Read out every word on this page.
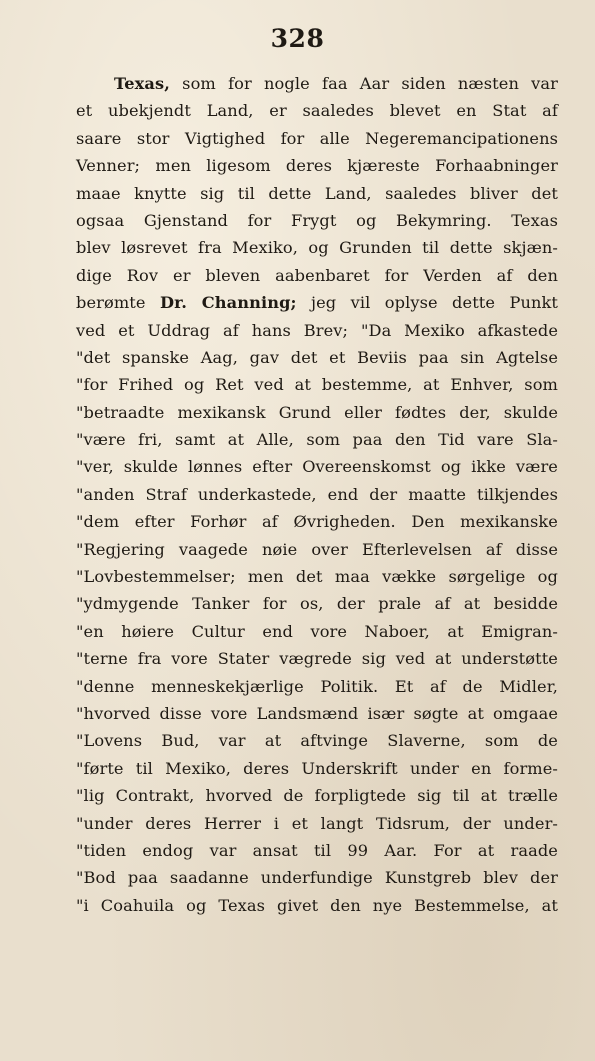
328
Texas, som for nogle faa Aar siden næsten var
et ubekjendt Land, er saaledes blevet en Stat af
saare stor Vigtighed for alle Negeremancipationens
Venner; men ligesom deres kjæreste Forhaabninger
maae knytte sig til dette Land, saaledes bliver det
ogsaa Gjenstand for Frygt og Bekymring. Texas
blev løsrevet fra Mexiko, og Grunden til dette skjæn-
dige Rov er bleven aabenbaret for Verden af den
berømte Dr. Channing; jeg vil oplyse dette Punkt
ved et Uddrag af hans Brev; "Da Mexiko afkastede
"det spanske Aag, gav det et Beviis paa sin Agtelse
"for Frihed og Ret ved at bestemme, at Enhver, som
"betraadte mexikansk Grund eller fødtes der, skulde
"være fri, samt at Alle, som paa den Tid vare Sla-
"ver, skulde lønnes efter Overeenskomst og ikke være
"anden Straf underkastede, end der maatte tilkjendes
"dem efter Forhør af Øvrigheden. Den mexikanske
"Regjering vaagede nøie over Efterlevelsen af disse
"Lovbestemmelser; men det maa vække sørgelige og
"ydmygende Tanker for os, der prale af at besidde
"en høiere Cultur end vore Naboer, at Emigran-
"terne fra vore Stater vægrede sig ved at understøtte
"denne menneskekjærlige Politik. Et af de Midler,
"hvorved disse vore Landsmænd især søgte at omgaae
"Lovens Bud, var at aftvinge Slaverne, som de
"førte til Mexiko, deres Underskrift under en forme-
"lig Contrakt, hvorved de forpligtede sig til at trælle
"under deres Herrer i et langt Tidsrum, der under-
"tiden endog var ansat til 99 Aar. For at raade
"Bod paa saadanne underfundige Kunstgreb blev der
"i Coahuila og Texas givet den nye Bestemmelse, at
